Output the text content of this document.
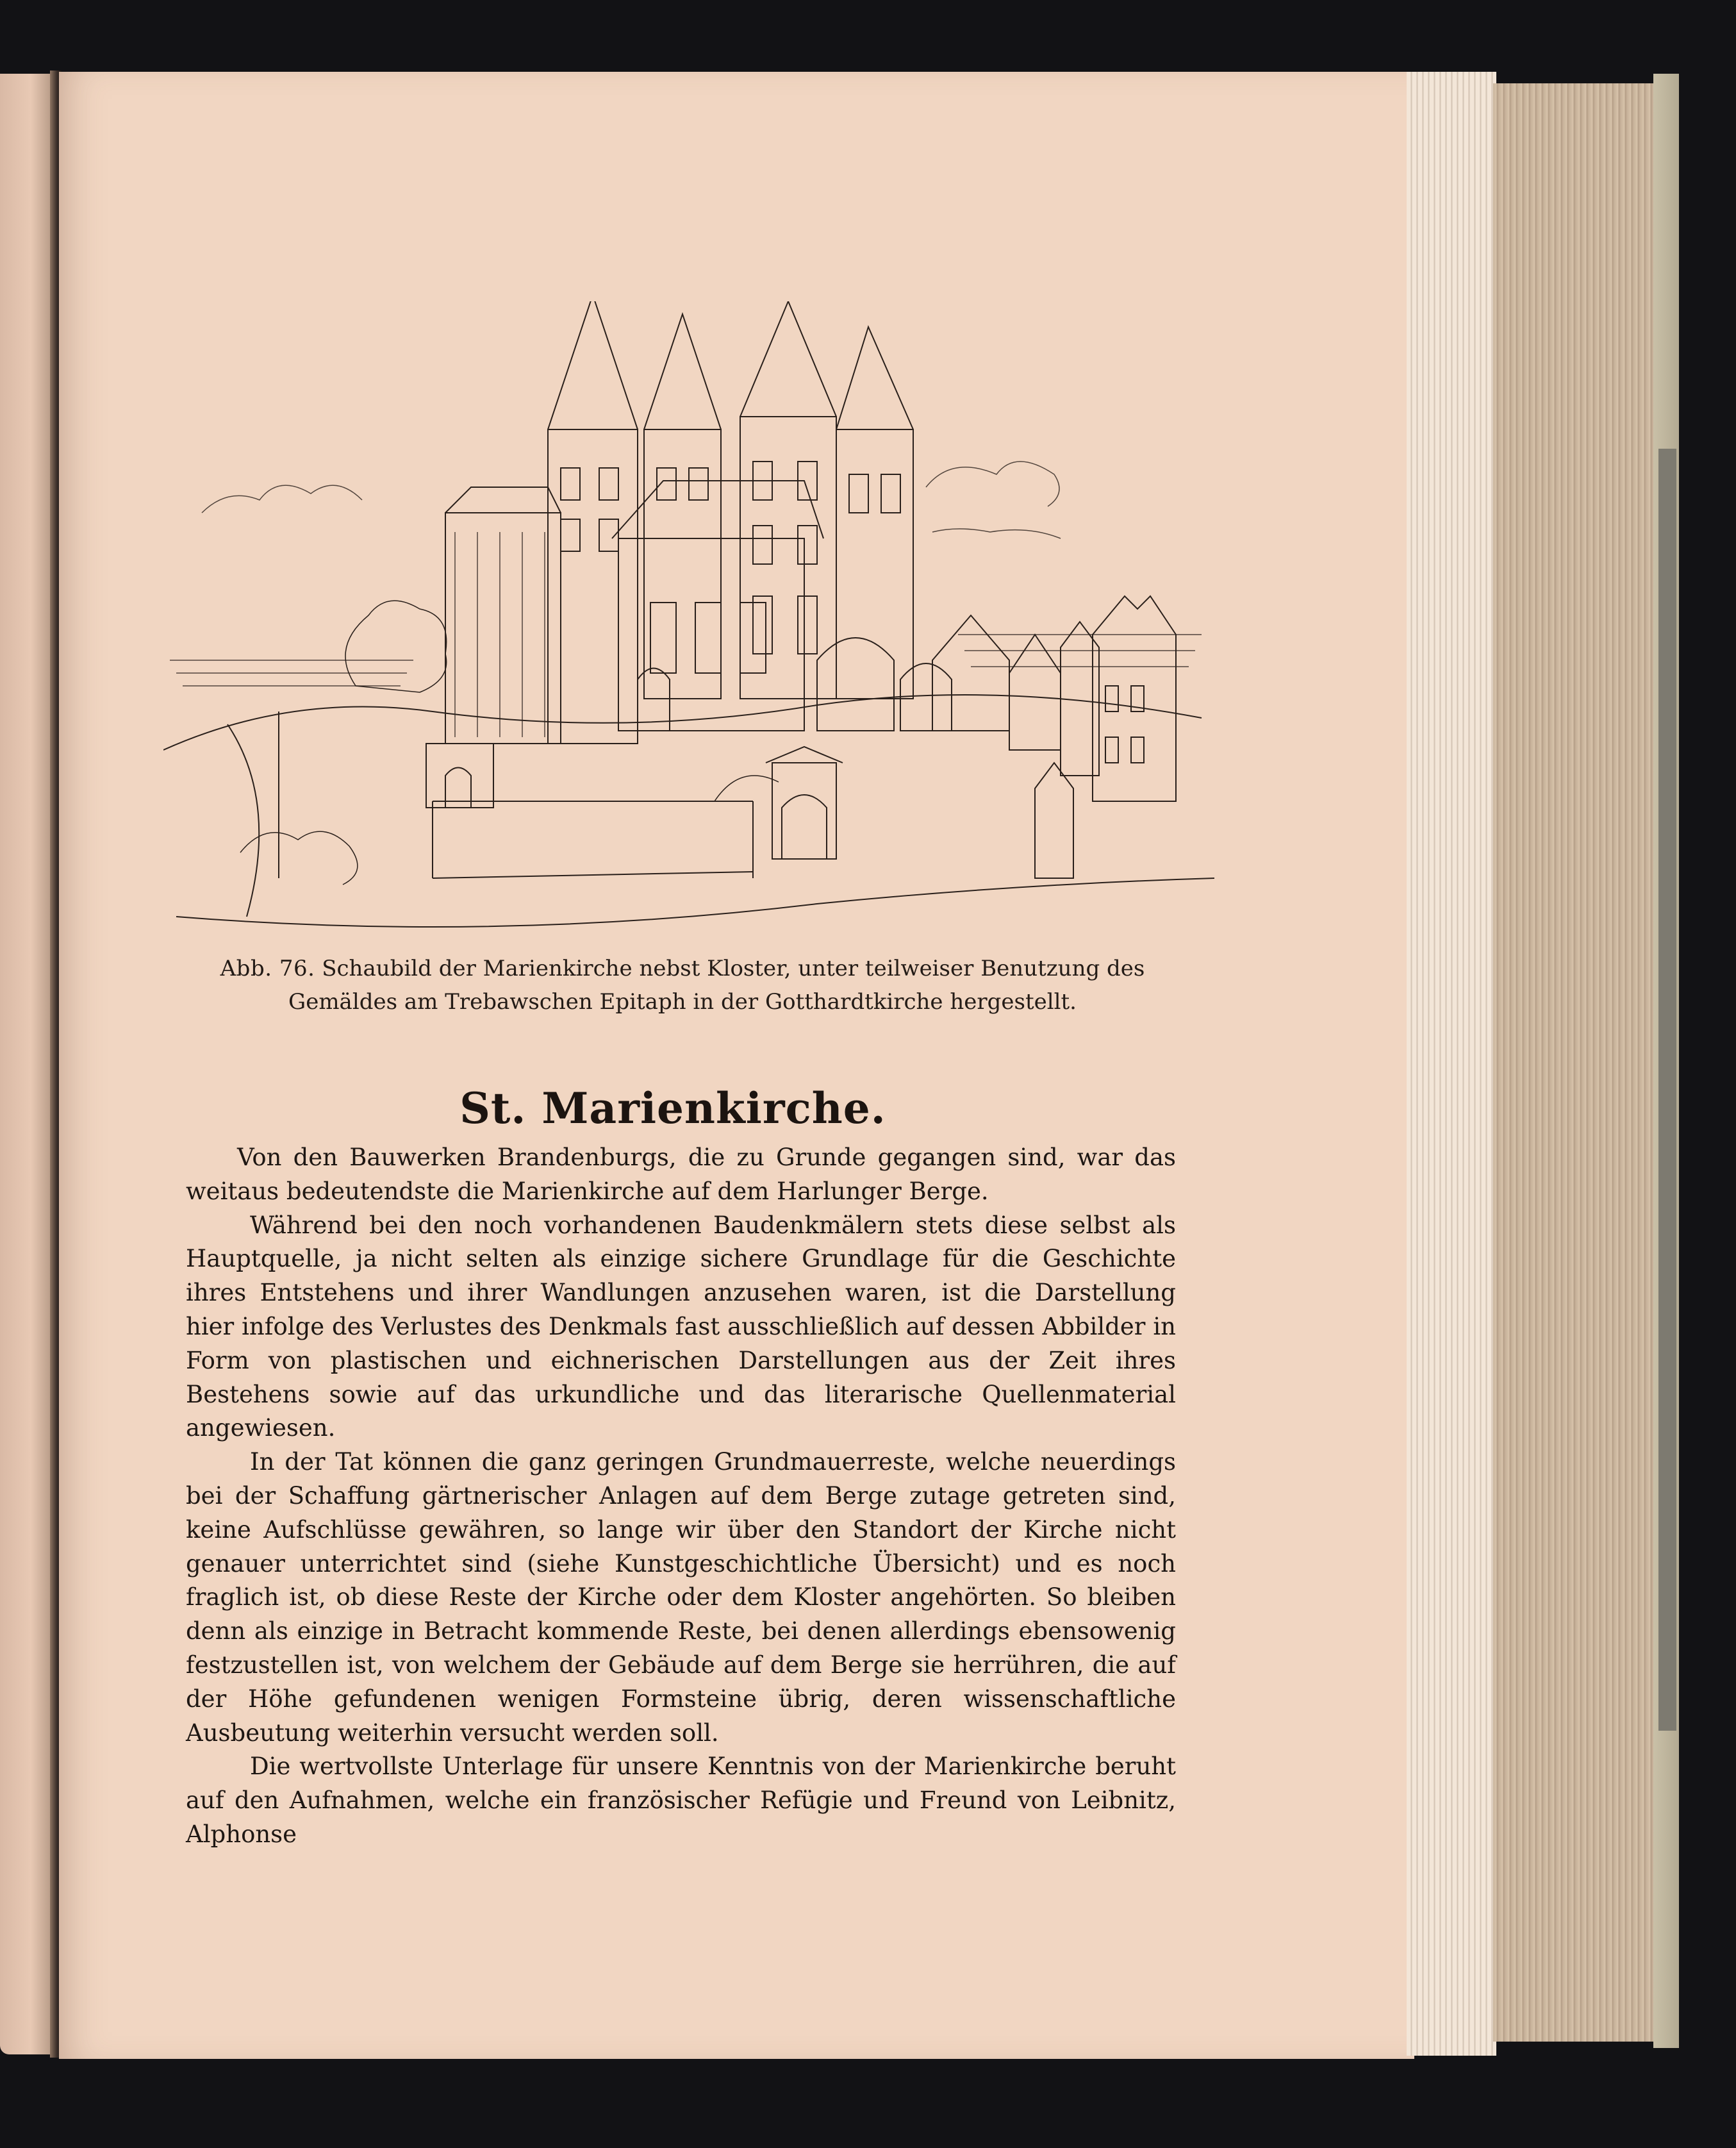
Abb. 76. Schaubild der Marienkirche nebst Kloster, unter teilweiser Benutzung des Gemäldes am Trebawschen Epitaph in der Gotthardtkirche hergestellt.
St. Marienkirche.

Von den Bauwerken Brandenburgs, die zu Grunde gegangen sind, war das weitaus bedeutendste die Marienkirche auf dem Harlunger Berge.

Während bei den noch vorhandenen Baudenkmälern stets diese selbst als Hauptquelle, ja nicht selten als einzige sichere Grundlage für die Geschichte ihres Entstehens und ihrer Wandlungen anzusehen waren, ist die Darstellung hier infolge des Verlustes des Denkmals fast ausschließlich auf dessen Abbilder in Form von plastischen und eichnerischen Darstellungen aus der Zeit ihres Bestehens sowie auf das urkundliche und das literarische Quellenmaterial angewiesen.

In der Tat können die ganz geringen Grundmauerreste, welche neuerdings bei der Schaffung gärtnerischer Anlagen auf dem Berge zutage getreten sind, keine Aufschlüsse gewähren, so lange wir über den Standort der Kirche nicht genauer unterrichtet sind (siehe Kunstgeschichtliche Übersicht) und es noch fraglich ist, ob diese Reste der Kirche oder dem Kloster angehörten. So bleiben denn als einzige in Betracht kommende Reste, bei denen allerdings ebensowenig festzustellen ist, von welchem der Gebäude auf dem Berge sie herrühren, die auf der Höhe gefundenen wenigen Formsteine übrig, deren wissenschaftliche Ausbeutung weiterhin versucht werden soll.

Die wertvollste Unterlage für unsere Kenntnis von der Marienkirche beruht auf den Aufnahmen, welche ein französischer Refügie und Freund von Leibnitz, Alphonse
